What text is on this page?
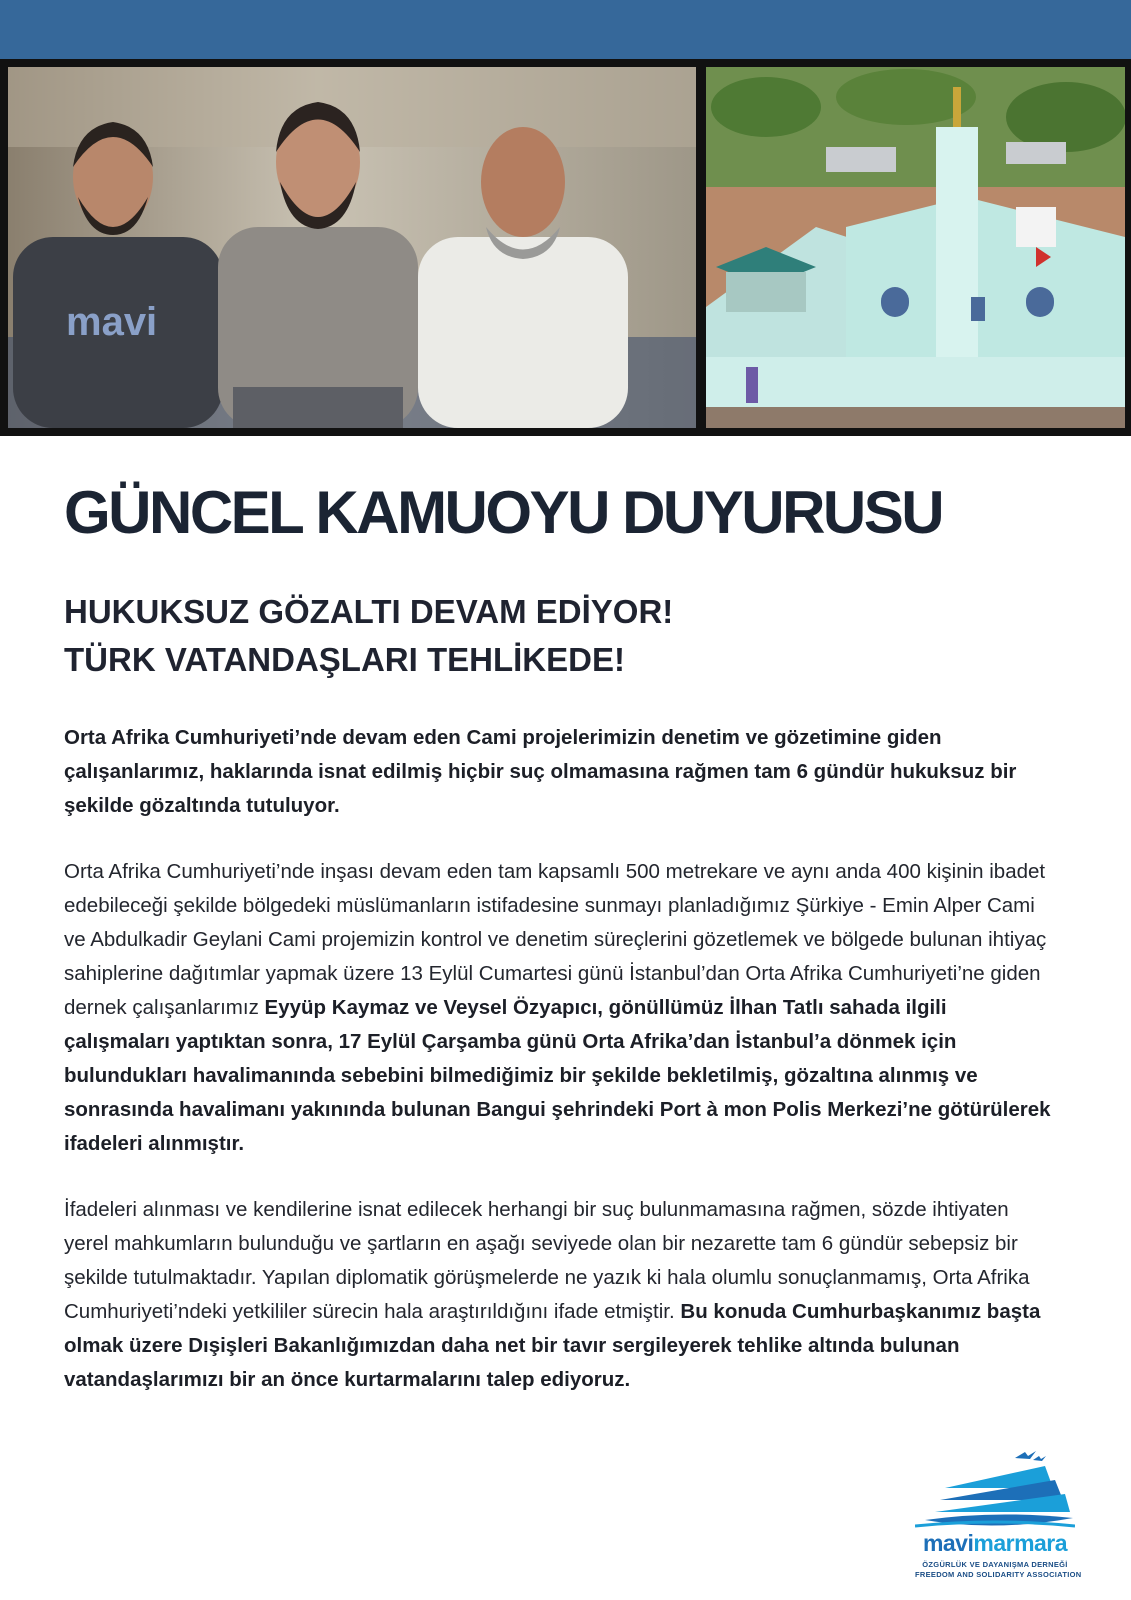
mavi
GÜNCEL KAMUOYU DUYURUSU
HUKUKSUZ GÖZALTI DEVAM EDİYOR!
TÜRK VATANDAŞLARI TEHLİKEDE!

Orta Afrika Cumhuriyeti’nde devam eden Cami projelerimizin denetim ve gözetimine giden çalışanlarımız, haklarında isnat edilmiş hiçbir suç olmamasına rağmen tam 6 gündür hukuksuz bir şekilde gözaltında tutuluyor.

Orta Afrika Cumhuriyeti’nde inşası devam eden tam kapsamlı 500 metrekare ve aynı anda 400 kişinin ibadet edebileceği şekilde bölgedeki müslümanların istifadesine sunmayı planladığımız Şürkiye - Emin Alper Cami ve Abdulkadir Geylani Cami projemizin kontrol ve denetim süreçlerini gözetlemek ve bölgede bulunan ihtiyaç sahiplerine dağıtımlar yapmak üzere 13 Eylül Cumartesi günü İstanbul’dan Orta Afrika Cumhuriyeti’ne giden dernek çalışanlarımız Eyyüp Kaymaz ve Veysel Özyapıcı, gönüllümüz İlhan Tatlı sahada ilgili çalışmaları yaptıktan sonra, 17 Eylül Çarşamba günü Orta Afrika’dan İstanbul’a dönmek için bulundukları havalimanında sebebini bilmediğimiz bir şekilde bekletilmiş, gözaltına alınmış ve sonrasında havalimanı yakınında bulunan Bangui şehrindeki Port à mon Polis Merkezi’ne götürülerek ifadeleri alınmıştır.

İfadeleri alınması ve kendilerine isnat edilecek herhangi bir suç bulunmamasına rağmen, sözde ihtiyaten yerel mahkumların bulunduğu ve şartların en aşağı seviyede olan bir nezarette tam 6 gündür sebepsiz bir şekilde tutulmaktadır. Yapılan diplomatik görüşmelerde ne yazık ki hala olumlu sonuçlanmamış, Orta Afrika Cumhuriyeti’ndeki yetkililer sürecin hala araştırıldığını ifade etmiştir. Bu konuda Cumhurbaşkanımız başta olmak üzere Dışişleri Bakanlığımızdan daha net bir tavır sergileyerek tehlike altında bulunan vatandaşlarımızı bir an önce kurtarmalarını talep ediyoruz.

mavimarmara
ÖZGÜRLÜK VE DAYANIŞMA DERNEĞİ
FREEDOM AND SOLIDARITY ASSOCIATION
